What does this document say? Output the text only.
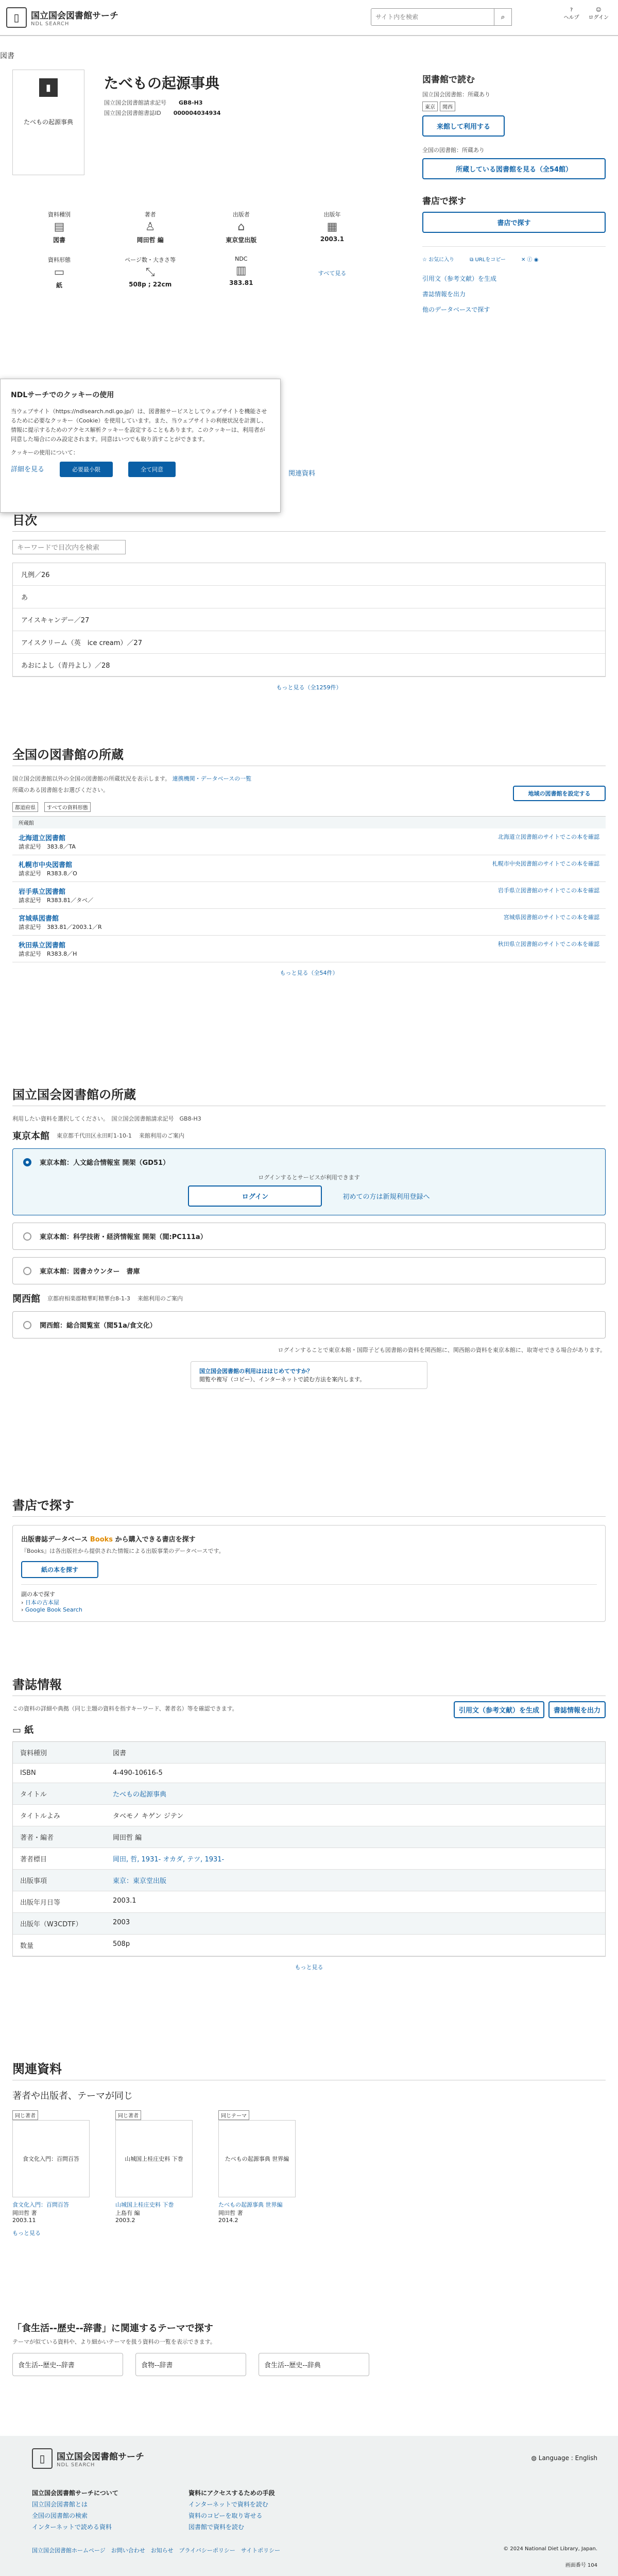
▯	国立国会図書館サーチ
NDL SEARCH
サイト内を検索
⌕
?
ヘルプ
☺
ログイン
図書
▮
たべもの起源事典
たべもの起源事典
国立国会図書館請求記号 GB8-H3
国立国会図書館書誌ID 000004034934
資料種別
▤
図書
著者
♙
岡田哲 編
出版者
⌂
東京堂出版
出版年
▦
2003.1
資料形態
▭
紙
ページ数・大きさ等
⤡
508p ; 22cm
NDC
▥
383.81
すべて見る
図書館で読む
国立国会図書館：所蔵あり
東京 関西
来館して利用する
全国の図書館：所蔵あり
所蔵している図書館を見る（全54館）
書店で探す
書店で探す
☆ お気に入り	⧉ URLをコピー	✕ ⓕ ◉
引用文（参考文献）を生成
書誌情報を出力
他のデータベースで探す
NDLサーチでのクッキーの使用

当ウェブサイト（https://ndlsearch.ndl.go.jp/）は、図書館サービスとしてウェブサイトを機能させるために必要なクッキー（Cookie）を使用しています。また、当ウェブサイトの利便状況を計測し、情報に提示するためのアクセス解析クッキーを設定することもあります。このクッキーは、利用者が同意した場合にのみ設定されます。同意はいつでも取り消すことができます。

クッキーの使用について：

詳細を見る	必要最小限	全て同意
関連資料
目次
キーワードで目次内を検索
凡例／26
あ
アイスキャンデー／27
アイスクリーム（英　ice cream）／27
あおによし（青丹よし）／28
もっと見る（全1259件）
全国の図書館の所蔵
国立国会図書館以外の全国の図書館の所蔵状況を表示します。 連携機関・データベースの一覧
所蔵のある図書館をお選びください。
地域の図書館を設定する
都道府県	すべての資料形態
所蔵館
北海道立図書館
請求記号　383.8／TA
北海道立図書館のサイトでこの本を確認
札幌市中央図書館
請求記号　R383.8／O
札幌市中央図書館のサイトでこの本を確認
岩手県立図書館
請求記号　R383.81／タベ／
岩手県立図書館のサイトでこの本を確認
宮城県図書館
請求記号　383.81／2003.1／R
宮城県図書館のサイトでこの本を確認
秋田県立図書館
請求記号　R383.8／H
秋田県立図書館のサイトでこの本を確認
もっと見る（全54件）
国立国会図書館の所蔵
利用したい資料を選択してください。　 国立国会図書館請求記号　GB8-H3
東京本館 東京都千代田区永田町1-10-1 来館利用のご案内
東京本館：人文総合情報室 開架（GD51）
ログインするとサービスが利用できます
ログイン	初めての方は新規利用登録へ
東京本館：科学技術・経済情報室 開架（閲:PC111a）
東京本館：図書カウンター　書庫
関西館 京都府相楽郡精華町精華台8-1-3 来館利用のご案内
関西館：総合閲覧室（閲51a/食文化）
ログインすることで東京本館・国際子ども図書館の資料を関西館に、関西館の資料を東京本館に、取寄せできる場合があります。
国立国会図書館の利用はははじめてですか？
閲覧や複写（コピー）、インターネットで読む方法を案内します。
書店で探す
出版書誌データベース Books から購入できる書店を探す
『Books』は各出版社から提供された情報による出版事業のデータベースです。
紙の本を探す
副の本で探す
› 日本の古本屋
› Google Book Search
書誌情報
この資料の詳細や典拠（同じ主題の資料を指すキーワード、著者名）等を確認できます。	引用文（参考文献）を生成	書誌情報を出力
▭ 紙
資料種別	図書
ISBN	4-490-10616-5
タイトル	たべもの起源事典
タイトルよみ	タベモノ キゲン ジテン
著者・編者	岡田哲 編
著者標目	岡田, 哲, 1931- オカダ, テツ, 1931-
出版事項	東京：東京堂出版
出版年月日等	2003.1
出版年（W3CDTF）	2003
数量	508p
もっと見る
関連資料
著者や出版者、テーマが同じ
同じ著者
食文化入門：百問百答
食文化入門：百問百答
岡田哲 著
2003.11
同じ著者
山城国上桂庄史料 下巻
山城国上桂庄史料 下巻
上島有 編
2003.2
同じテーマ
たべもの起源事典 世界編
たべもの起源事典 世界編
岡田哲 著
2014.2
もっと見る
「食生活--歴史--辞書」に関連するテーマで探す
テーマが似ている資料や、より細かいテーマを扱う資料の一覧を表示できます。
食生活--歴史--辞書	食物--辞書	食生活--歴史--辞典
▯	国立国会図書館サーチ
NDL SEARCH
◍ Language : English
国立国会図書館サーチについて
国立国会図書館とは
全国の図書館の検索
インターネットで読める資料
資料にアクセスするための手段
インターネットで資料を読む
資料のコピーを取り寄せる
図書館で資料を読む
国立国会図書館ホームページ　お問い合わせ　お知らせ　プライバシーポリシー　サイトポリシー	© 2024 National Diet Library, Japan.
画面番号 104
